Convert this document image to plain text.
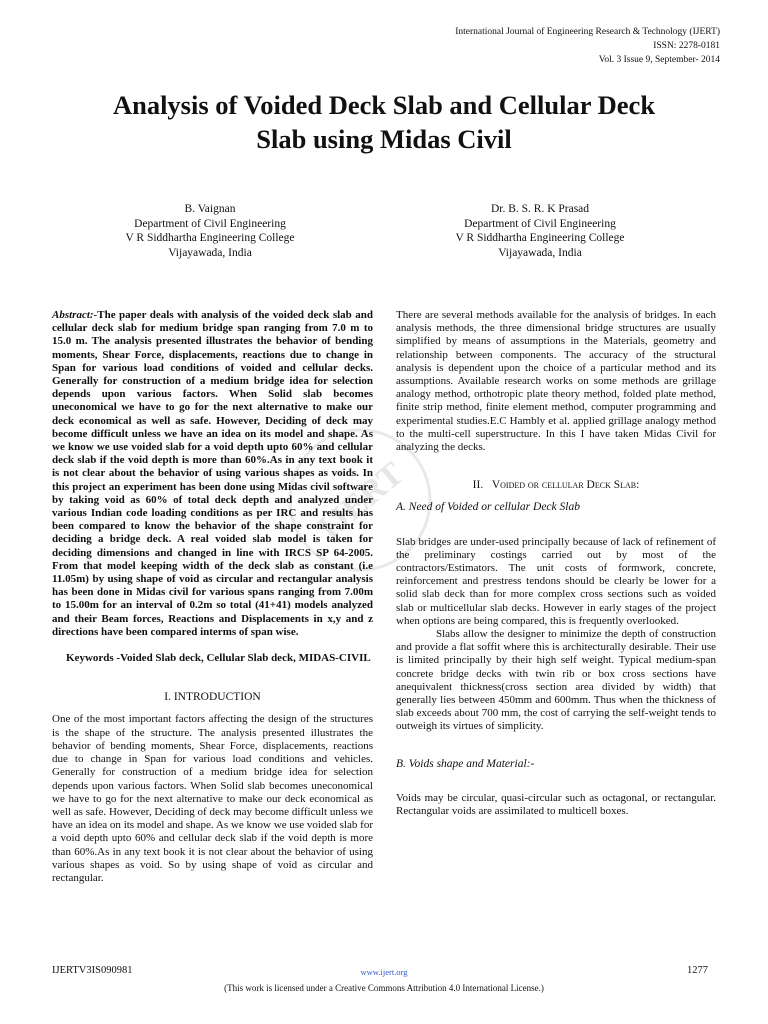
International Journal of Engineering Research & Technology (IJERT)
ISSN: 2278-0181
Vol. 3 Issue 9, September- 2014
Analysis of Voided Deck Slab and Cellular Deck
Slab using Midas Civil
B. Vaignan
Department of Civil Engineering
V R Siddhartha Engineering College
Vijayawada, India
Dr. B. S. R. K Prasad
Department of Civil Engineering
V R Siddhartha Engineering College
Vijayawada, India
IJERT

Abstract:-The paper deals with analysis of the voided deck slab and cellular deck slab for medium bridge span ranging from 7.0 m to 15.0 m. The analysis presented illustrates the behavior of bending moments, Shear Force, displacements, reactions due to change in Span for various load conditions of voided and cellular decks. Generally for construction of a medium bridge idea for selection depends upon various factors. When Solid slab becomes uneconomical we have to go for the next alternative to make our deck economical as well as safe. However, Deciding of deck may become difficult unless we have an idea on its model and shape. As we know we use voided slab for a void depth upto 60% and cellular deck slab if the void depth is more than 60%.As in any text book it is not clear about the behavior of using various shapes as voids. In this project an experiment has been done using Midas civil software by taking void as 60% of total deck depth and analyzed under various Indian code loading conditions as per IRC and results has been compared to know the behavior of the shape constraint for deciding a bridge deck. A real voided slab model is taken for deciding dimensions and changed in line with IRCS SP 64-2005. From that model keeping width of the deck slab as constant (i.e 11.05m) by using shape of void as circular and rectangular analysis has been done in Midas civil for various spans ranging from 7.00m to 15.00m for an interval of 0.2m so total (41+41) models analyzed and their Beam forces, Reactions and Displacements in x,y and z directions have been compared interms of span wise.

Keywords -Voided Slab deck, Cellular Slab deck, MIDAS-CIVIL

I. INTRODUCTION

One of the most important factors affecting the design of the structures is the shape of the structure. The analysis presented illustrates the behavior of bending moments, Shear Force, displacements, reactions due to change in Span for various load conditions and vehicles. Generally for construction of a medium bridge idea for selection depends upon various factors. When Solid slab becomes uneconomical we have to go for the next alternative to make our deck economical as well as safe. However, Deciding of deck may become difficult unless we have an idea on its model and shape. As we know we use voided slab for a void depth upto 60% and cellular deck slab if the void depth is more than 60%.As in any text book it is not clear about the behavior of using various shapes as void. So by using shape of void as circular and rectangular.

There are several methods available for the analysis of bridges. In each analysis methods, the three dimensional bridge structures are usually simplified by means of assumptions in the Materials, geometry and relationship between components. The accuracy of the structural analysis is dependent upon the choice of a particular method and its assumptions. Available research works on some methods are grillage analogy method, orthotropic plate theory method, folded plate method, finite strip method, finite element method, computer programming and experimental studies.E.C Hambly et al. applied grillage analogy method to the multi-cell superstructure. In this I have taken Midas Civil for analyzing the decks.

II. Voided or cellular Deck Slab:
A. Need of Voided or cellular Deck Slab

Slab bridges are under-used principally because of lack of refinement of the preliminary costings carried out by most of the contractors/Estimators. The unit costs of formwork, concrete, reinforcement and prestress tendons should be clearly be lower for a solid slab deck than for more complex cross sections such as voided slab or multicellular slab decks. However in early stages of the project when options are being compared, this is frequently overlooked.

Slabs allow the designer to minimize the depth of construction and provide a flat soffit where this is architecturally desirable. Their use is limited principally by their high self weight. Typical medium-span concrete bridge decks with twin rib or box cross sections have anequivalent thickness(cross section area divided by width) that generally lies between 450mm and 600mm. Thus when the thickness of slab exceeds about 700 mm, the cost of carrying the self-weight tends to outweigh its virtues of simplicity.

B. Voids shape and Material:-

Voids may be circular, quasi-circular such as octagonal, or rectangular. Rectangular voids are assimilated to multicell boxes.

IJERTV3IS090981	www.ijert.org	1277
(This work is licensed under a Creative Commons Attribution 4.0 International License.)
